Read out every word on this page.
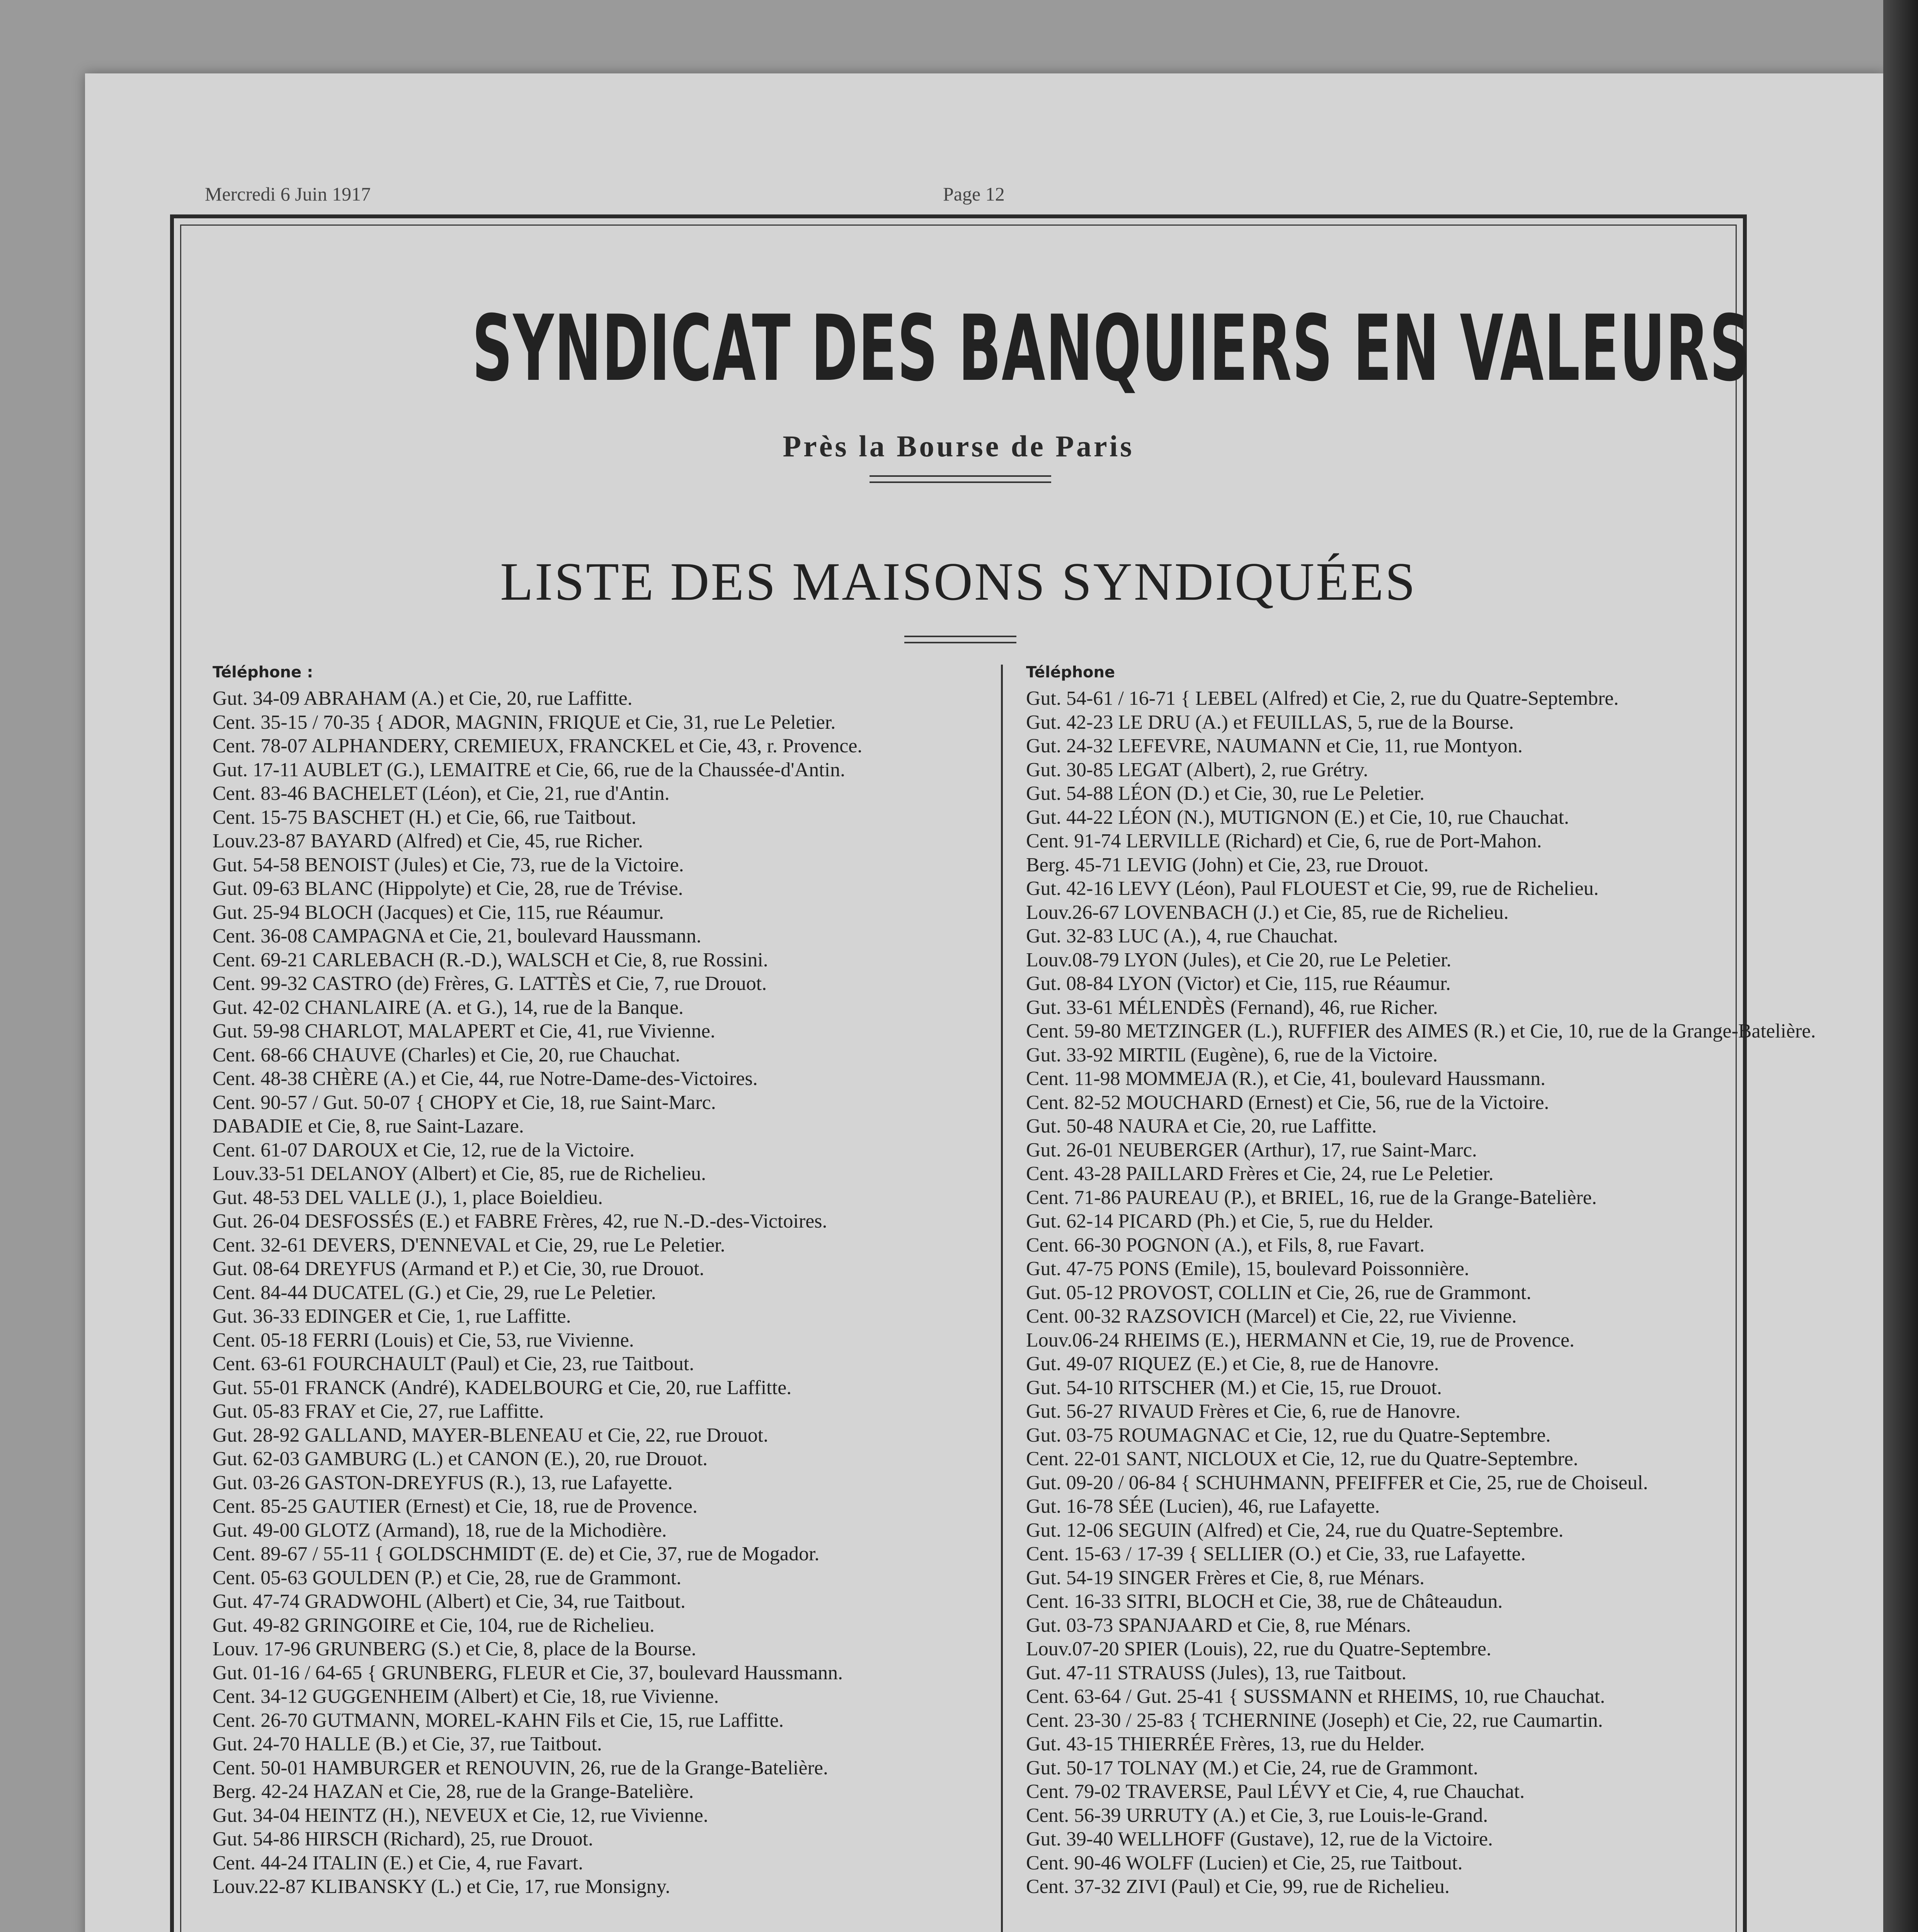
Mercredi 6 Juin 1917	Page 12
SYNDICAT DES BANQUIERS EN VALEURS
Près la Bourse de Paris
LISTE DES MAISONS SYNDIQUÉES
Téléphone :
Gut. 34-09 ABRAHAM (A.) et Cie, 20, rue Laffitte.
Cent. 35-15 / 70-35 { ADOR, MAGNIN, FRIQUE et Cie, 31, rue Le Peletier.
Cent. 78-07 ALPHANDERY, CREMIEUX, FRANCKEL et Cie, 43, r. Provence.
Gut. 17-11 AUBLET (G.), LEMAITRE et Cie, 66, rue de la Chaussée-d'Antin.
Cent. 83-46 BACHELET (Léon), et Cie, 21, rue d'Antin.
Cent. 15-75 BASCHET (H.) et Cie, 66, rue Taitbout.
Louv.23-87 BAYARD (Alfred) et Cie, 45, rue Richer.
Gut. 54-58 BENOIST (Jules) et Cie, 73, rue de la Victoire.
Gut. 09-63 BLANC (Hippolyte) et Cie, 28, rue de Trévise.
Gut. 25-94 BLOCH (Jacques) et Cie, 115, rue Réaumur.
Cent. 36-08 CAMPAGNA et Cie, 21, boulevard Haussmann.
Cent. 69-21 CARLEBACH (R.-D.), WALSCH et Cie, 8, rue Rossini.
Cent. 99-32 CASTRO (de) Frères, G. LATTÈS et Cie, 7, rue Drouot.
Gut. 42-02 CHANLAIRE (A. et G.), 14, rue de la Banque.
Gut. 59-98 CHARLOT, MALAPERT et Cie, 41, rue Vivienne.
Cent. 68-66 CHAUVE (Charles) et Cie, 20, rue Chauchat.
Cent. 48-38 CHÈRE (A.) et Cie, 44, rue Notre-Dame-des-Victoires.
Cent. 90-57 / Gut. 50-07 { CHOPY et Cie, 18, rue Saint-Marc.
DABADIE et Cie, 8, rue Saint-Lazare.
Cent. 61-07 DAROUX et Cie, 12, rue de la Victoire.
Louv.33-51 DELANOY (Albert) et Cie, 85, rue de Richelieu.
Gut. 48-53 DEL VALLE (J.), 1, place Boieldieu.
Gut. 26-04 DESFOSSÉS (E.) et FABRE Frères, 42, rue N.-D.-des-Victoires.
Cent. 32-61 DEVERS, D'ENNEVAL et Cie, 29, rue Le Peletier.
Gut. 08-64 DREYFUS (Armand et P.) et Cie, 30, rue Drouot.
Cent. 84-44 DUCATEL (G.) et Cie, 29, rue Le Peletier.
Gut. 36-33 EDINGER et Cie, 1, rue Laffitte.
Cent. 05-18 FERRI (Louis) et Cie, 53, rue Vivienne.
Cent. 63-61 FOURCHAULT (Paul) et Cie, 23, rue Taitbout.
Gut. 55-01 FRANCK (André), KADELBOURG et Cie, 20, rue Laffitte.
Gut. 05-83 FRAY et Cie, 27, rue Laffitte.
Gut. 28-92 GALLAND, MAYER-BLENEAU et Cie, 22, rue Drouot.
Gut. 62-03 GAMBURG (L.) et CANON (E.), 20, rue Drouot.
Gut. 03-26 GASTON-DREYFUS (R.), 13, rue Lafayette.
Cent. 85-25 GAUTIER (Ernest) et Cie, 18, rue de Provence.
Gut. 49-00 GLOTZ (Armand), 18, rue de la Michodière.
Cent. 89-67 / 55-11 { GOLDSCHMIDT (E. de) et Cie, 37, rue de Mogador.
Cent. 05-63 GOULDEN (P.) et Cie, 28, rue de Grammont.
Gut. 47-74 GRADWOHL (Albert) et Cie, 34, rue Taitbout.
Gut. 49-82 GRINGOIRE et Cie, 104, rue de Richelieu.
Louv. 17-96 GRUNBERG (S.) et Cie, 8, place de la Bourse.
Gut. 01-16 / 64-65 { GRUNBERG, FLEUR et Cie, 37, boulevard Haussmann.
Cent. 34-12 GUGGENHEIM (Albert) et Cie, 18, rue Vivienne.
Cent. 26-70 GUTMANN, MOREL-KAHN Fils et Cie, 15, rue Laffitte.
Gut. 24-70 HALLE (B.) et Cie, 37, rue Taitbout.
Cent. 50-01 HAMBURGER et RENOUVIN, 26, rue de la Grange-Batelière.
Berg. 42-24 HAZAN et Cie, 28, rue de la Grange-Batelière.
Gut. 34-04 HEINTZ (H.), NEVEUX et Cie, 12, rue Vivienne.
Gut. 54-86 HIRSCH (Richard), 25, rue Drouot.
Cent. 44-24 ITALIN (E.) et Cie, 4, rue Favart.
Louv.22-87 KLIBANSKY (L.) et Cie, 17, rue Monsigny.
Téléphone
Gut. 54-61 / 16-71 { LEBEL (Alfred) et Cie, 2, rue du Quatre-Septembre.
Gut. 42-23 LE DRU (A.) et FEUILLAS, 5, rue de la Bourse.
Gut. 24-32 LEFEVRE, NAUMANN et Cie, 11, rue Montyon.
Gut. 30-85 LEGAT (Albert), 2, rue Grétry.
Gut. 54-88 LÉON (D.) et Cie, 30, rue Le Peletier.
Gut. 44-22 LÉON (N.), MUTIGNON (E.) et Cie, 10, rue Chauchat.
Cent. 91-74 LERVILLE (Richard) et Cie, 6, rue de Port-Mahon.
Berg. 45-71 LEVIG (John) et Cie, 23, rue Drouot.
Gut. 42-16 LEVY (Léon), Paul FLOUEST et Cie, 99, rue de Richelieu.
Louv.26-67 LOVENBACH (J.) et Cie, 85, rue de Richelieu.
Gut. 32-83 LUC (A.), 4, rue Chauchat.
Louv.08-79 LYON (Jules), et Cie 20, rue Le Peletier.
Gut. 08-84 LYON (Victor) et Cie, 115, rue Réaumur.
Gut. 33-61 MÉLENDÈS (Fernand), 46, rue Richer.
Cent. 59-80 METZINGER (L.), RUFFIER des AIMES (R.) et Cie, 10, rue de la Grange-Batelière.
Gut. 33-92 MIRTIL (Eugène), 6, rue de la Victoire.
Cent. 11-98 MOMMEJA (R.), et Cie, 41, boulevard Haussmann.
Cent. 82-52 MOUCHARD (Ernest) et Cie, 56, rue de la Victoire.
Gut. 50-48 NAURA et Cie, 20, rue Laffitte.
Gut. 26-01 NEUBERGER (Arthur), 17, rue Saint-Marc.
Cent. 43-28 PAILLARD Frères et Cie, 24, rue Le Peletier.
Cent. 71-86 PAUREAU (P.), et BRIEL, 16, rue de la Grange-Batelière.
Gut. 62-14 PICARD (Ph.) et Cie, 5, rue du Helder.
Cent. 66-30 POGNON (A.), et Fils, 8, rue Favart.
Gut. 47-75 PONS (Emile), 15, boulevard Poissonnière.
Gut. 05-12 PROVOST, COLLIN et Cie, 26, rue de Grammont.
Cent. 00-32 RAZSOVICH (Marcel) et Cie, 22, rue Vivienne.
Louv.06-24 RHEIMS (E.), HERMANN et Cie, 19, rue de Provence.
Gut. 49-07 RIQUEZ (E.) et Cie, 8, rue de Hanovre.
Gut. 54-10 RITSCHER (M.) et Cie, 15, rue Drouot.
Gut. 56-27 RIVAUD Frères et Cie, 6, rue de Hanovre.
Gut. 03-75 ROUMAGNAC et Cie, 12, rue du Quatre-Septembre.
Cent. 22-01 SANT, NICLOUX et Cie, 12, rue du Quatre-Septembre.
Gut. 09-20 / 06-84 { SCHUHMANN, PFEIFFER et Cie, 25, rue de Choiseul.
Gut. 16-78 SÉE (Lucien), 46, rue Lafayette.
Gut. 12-06 SEGUIN (Alfred) et Cie, 24, rue du Quatre-Septembre.
Cent. 15-63 / 17-39 { SELLIER (O.) et Cie, 33, rue Lafayette.
Gut. 54-19 SINGER Frères et Cie, 8, rue Ménars.
Cent. 16-33 SITRI, BLOCH et Cie, 38, rue de Châteaudun.
Gut. 03-73 SPANJAARD et Cie, 8, rue Ménars.
Louv.07-20 SPIER (Louis), 22, rue du Quatre-Septembre.
Gut. 47-11 STRAUSS (Jules), 13, rue Taitbout.
Cent. 63-64 / Gut. 25-41 { SUSSMANN et RHEIMS, 10, rue Chauchat.
Cent. 23-30 / 25-83 { TCHERNINE (Joseph) et Cie, 22, rue Caumartin.
Gut. 43-15 THIERRÉE Frères, 13, rue du Helder.
Gut. 50-17 TOLNAY (M.) et Cie, 24, rue de Grammont.
Cent. 79-02 TRAVERSE, Paul LÉVY et Cie, 4, rue Chauchat.
Cent. 56-39 URRUTY (A.) et Cie, 3, rue Louis-le-Grand.
Gut. 39-40 WELLHOFF (Gustave), 12, rue de la Victoire.
Cent. 90-46 WOLFF (Lucien) et Cie, 25, rue Taitbout.
Cent. 37-32 ZIVI (Paul) et Cie, 99, rue de Richelieu.
